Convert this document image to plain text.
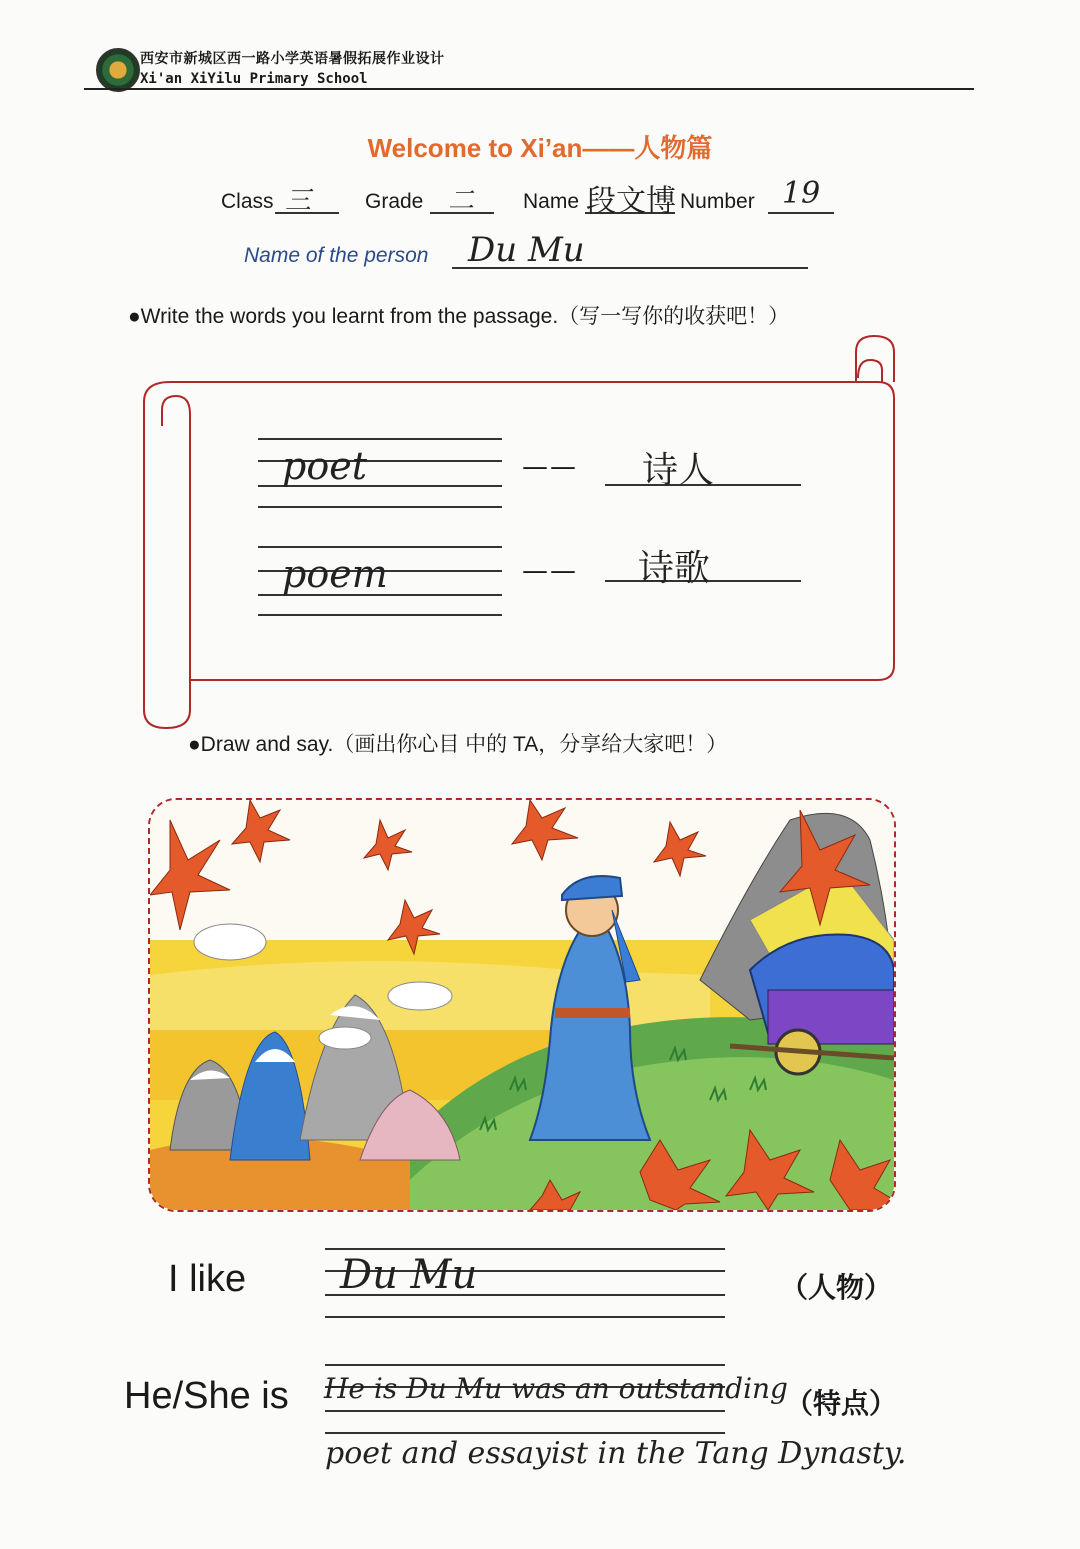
西安市新城区西一路小学英语暑假拓展作业设计
Xi'an XiYilu Primary School
Welcome to Xi’an——人物篇
Class 三	Grade 二 Name 段文博 Number 19
Name of the person Du Mu
●Write the words you learnt from the passage.（写一写你的收获吧！）
poet	—— 诗人
poem	—— 诗歌
●Draw and say.（画出你心目 中的 TA，分享给大家吧！）
I like Du Mu	（人物）
He/She is He is Du Mu was an outstanding
（特点）
poet and essayist in the Tang Dynasty.
